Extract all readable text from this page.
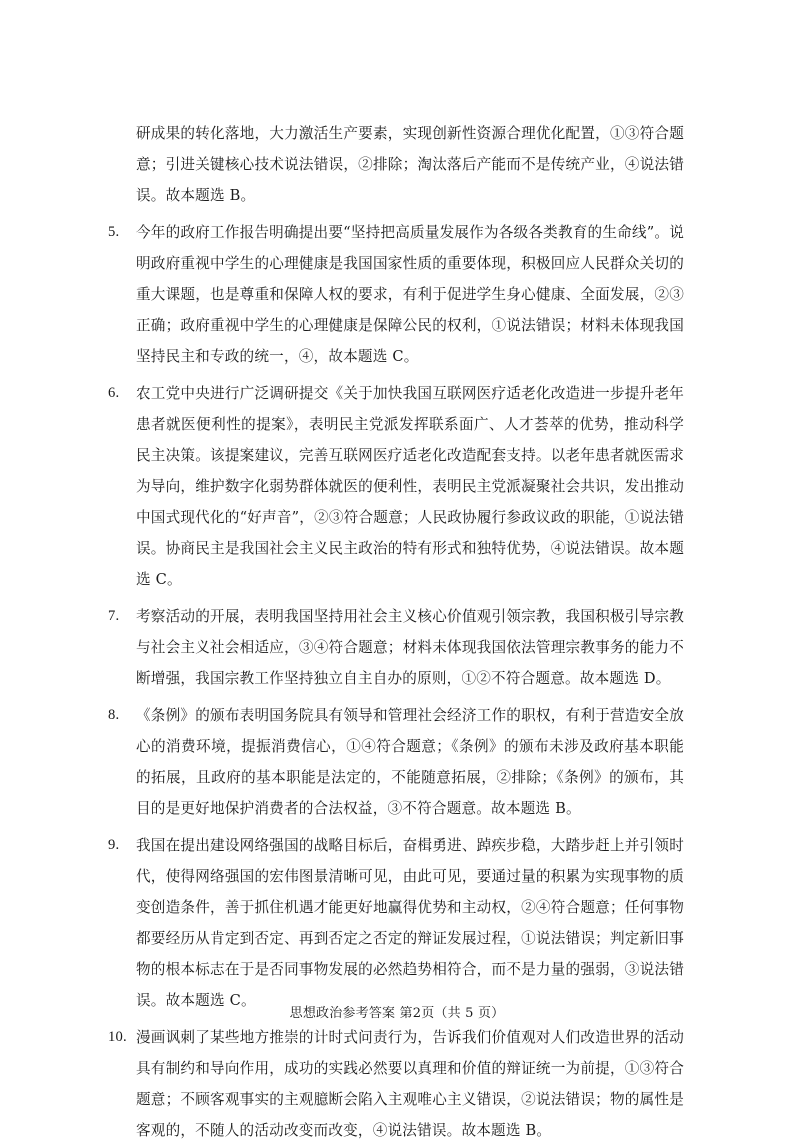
研成果的转化落地，大力激活生产要素，实现创新性资源合理优化配置，①③符合题意；引进关键核心技术说法错误，②排除；淘汰落后产能而不是传统产业，④说法错误。故本题选 B。

5. 今年的政府工作报告明确提出要“坚持把高质量发展作为各级各类教育的生命线”。说明政府重视中学生的心理健康是我国国家性质的重要体现，积极回应人民群众关切的重大课题，也是尊重和保障人权的要求，有利于促进学生身心健康、全面发展，②③正确；政府重视中学生的心理健康是保障公民的权利，①说法错误；材料未体现我国坚持民主和专政的统一，④，故本题选 C。
6. 农工党中央进行广泛调研提交《关于加快我国互联网医疗适老化改造进一步提升老年患者就医便利性的提案》，表明民主党派发挥联系面广、人才荟萃的优势，推动科学民主决策。该提案建议，完善互联网医疗适老化改造配套支持。以老年患者就医需求为导向，维护数字化弱势群体就医的便利性，表明民主党派凝聚社会共识，发出推动中国式现代化的“好声音”，②③符合题意；人民政协履行参政议政的职能，①说法错误。协商民主是我国社会主义民主政治的特有形式和独特优势，④说法错误。故本题选 C。
7. 考察活动的开展，表明我国坚持用社会主义核心价值观引领宗教，我国积极引导宗教与社会主义社会相适应，③④符合题意；材料未体现我国依法管理宗教事务的能力不断增强，我国宗教工作坚持独立自主自办的原则，①②不符合题意。故本题选 D。
8. 《条例》的颁布表明国务院具有领导和管理社会经济工作的职权，有利于营造安全放心的消费环境，提振消费信心，①④符合题意；《条例》的颁布未涉及政府基本职能的拓展，且政府的基本职能是法定的，不能随意拓展，②排除；《条例》的颁布，其目的是更好地保护消费者的合法权益，③不符合题意。故本题选 B。
9. 我国在提出建设网络强国的战略目标后，奋楫勇进、踔疾步稳，大踏步赶上并引领时代，使得网络强国的宏伟图景清晰可见，由此可见，要通过量的积累为实现事物的质变创造条件，善于抓住机遇才能更好地赢得优势和主动权，②④符合题意；任何事物都要经历从肯定到否定、再到否定之否定的辩证发展过程，①说法错误；判定新旧事物的根本标志在于是否同事物发展的必然趋势相符合，而不是力量的强弱，③说法错误。故本题选 C。
10. 漫画讽刺了某些地方推崇的计时式问责行为，告诉我们价值观对人们改造世界的活动具有制约和导向作用，成功的实践必然要以真理和价值的辩证统一为前提，①③符合题意；不顾客观事实的主观臆断会陷入主观唯心主义错误，②说法错误；物的属性是客观的，不随人的活动改变而改变，④说法错误。故本题选 B。
思想政治参考答案 第2页（共 5 页）
